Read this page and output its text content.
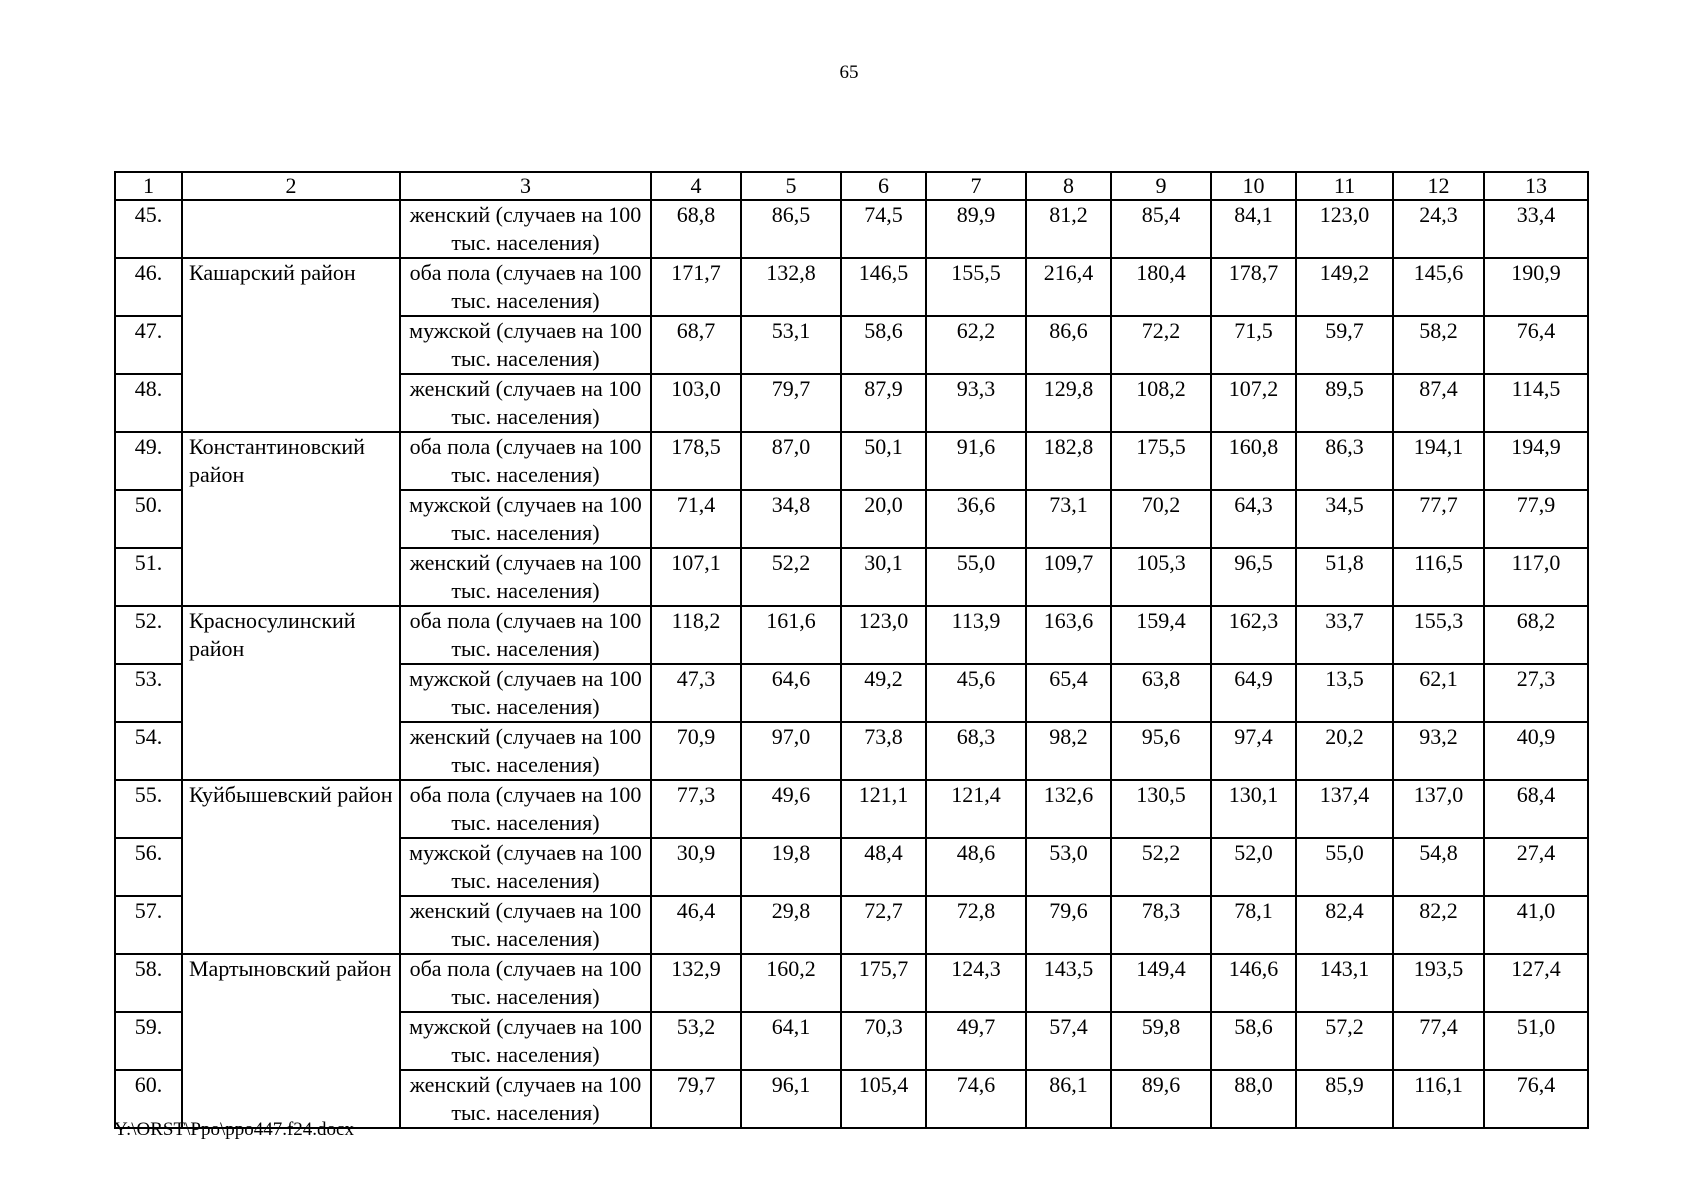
65
1	2	3	4	5	6	7	8	9	10	11	12	13
45.		женский (случаев на 100 тыс. населения)	68,8	86,5	74,5	89,9	81,2	85,4	84,1	123,0	24,3	33,4
46.	Кашарский район	оба пола (случаев на 100 тыс. населения)	171,7	132,8	146,5	155,5	216,4	180,4	178,7	149,2	145,6	190,9
47.		мужской (случаев на 100 тыс. населения)	68,7	53,1	58,6	62,2	86,6	72,2	71,5	59,7	58,2	76,4
48.		женский (случаев на 100 тыс. населения)	103,0	79,7	87,9	93,3	129,8	108,2	107,2	89,5	87,4	114,5
49.	Константиновский район	оба пола (случаев на 100 тыс. населения)	178,5	87,0	50,1	91,6	182,8	175,5	160,8	86,3	194,1	194,9
50.		мужской (случаев на 100 тыс. населения)	71,4	34,8	20,0	36,6	73,1	70,2	64,3	34,5	77,7	77,9
51.		женский (случаев на 100 тыс. населения)	107,1	52,2	30,1	55,0	109,7	105,3	96,5	51,8	116,5	117,0
52.	Красносулинский район	оба пола (случаев на 100 тыс. населения)	118,2	161,6	123,0	113,9	163,6	159,4	162,3	33,7	155,3	68,2
53.		мужской (случаев на 100 тыс. населения)	47,3	64,6	49,2	45,6	65,4	63,8	64,9	13,5	62,1	27,3
54.		женский (случаев на 100 тыс. населения)	70,9	97,0	73,8	68,3	98,2	95,6	97,4	20,2	93,2	40,9
55.	Куйбышевский район	оба пола (случаев на 100 тыс. населения)	77,3	49,6	121,1	121,4	132,6	130,5	130,1	137,4	137,0	68,4
56.		мужской (случаев на 100 тыс. населения)	30,9	19,8	48,4	48,6	53,0	52,2	52,0	55,0	54,8	27,4
57.		женский (случаев на 100 тыс. населения)	46,4	29,8	72,7	72,8	79,6	78,3	78,1	82,4	82,2	41,0
58.	Мартыновский район	оба пола (случаев на 100 тыс. населения)	132,9	160,2	175,7	124,3	143,5	149,4	146,6	143,1	193,5	127,4
59.		мужской (случаев на 100 тыс. населения)	53,2	64,1	70,3	49,7	57,4	59,8	58,6	57,2	77,4	51,0
60.		женский (случаев на 100 тыс. населения)	79,7	96,1	105,4	74,6	86,1	89,6	88,0	85,9	116,1	76,4
Y:\ORST\Ppo\ppo447.f24.docx
